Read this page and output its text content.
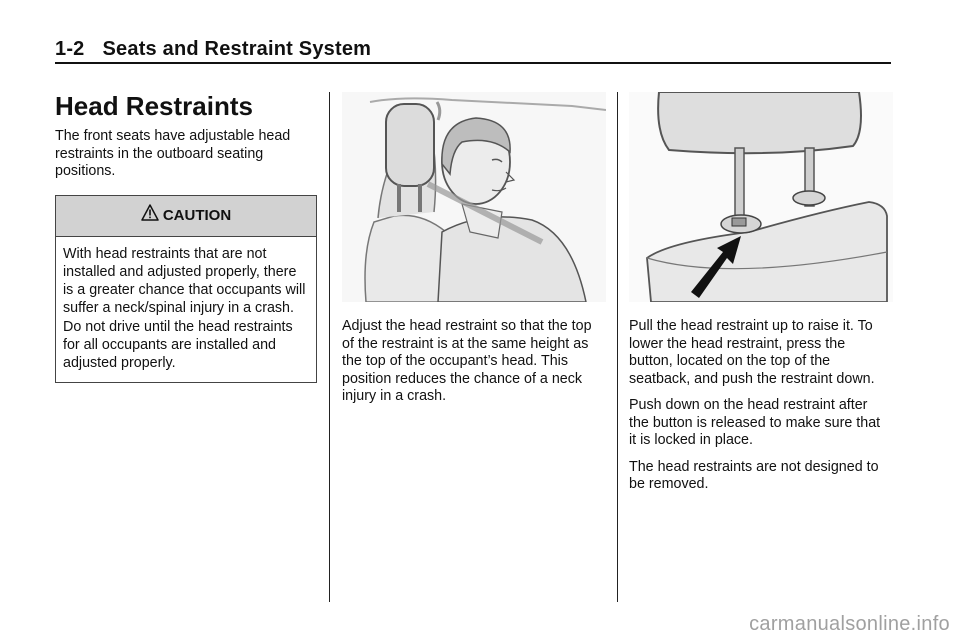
1-2 Seats and Restraint System
Head Restraints

The front seats have adjustable head restraints in the outboard seating positions.

CAUTION

With head restraints that are not installed and adjusted properly, there is a greater chance that occupants will suffer a neck/spinal injury in a crash. Do not drive until the head restraints for all occupants are installed and adjusted properly.

Adjust the head restraint so that the top of the restraint is at the same height as the top of the occupant’s head. This position reduces the chance of a neck injury in a crash.

Pull the head restraint up to raise it. To lower the head restraint, press the button, located on the top of the seatback, and push the restraint down.

Push down on the head restraint after the button is released to make sure that it is locked in place.

The head restraints are not designed to be removed.

carmanualsonline.info
